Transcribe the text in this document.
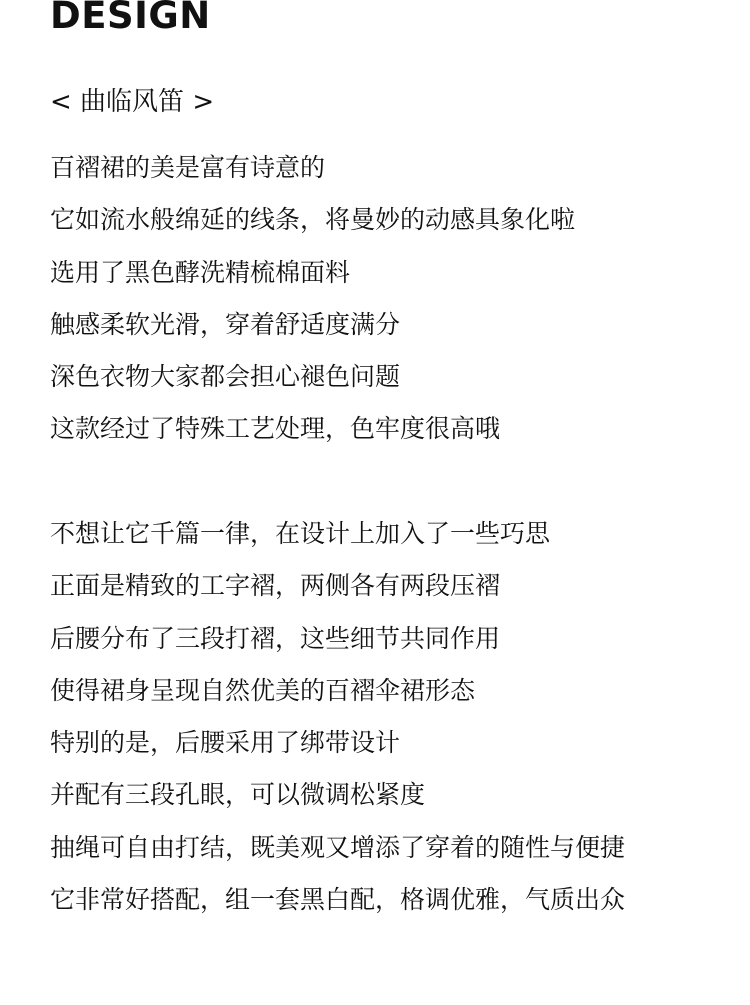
DESIGN

< 曲临风笛 >

百褶裙的美是富有诗意的
它如流水般绵延的线条，将曼妙的动感具象化啦
选用了黑色酵洗精梳棉面料
触感柔软光滑，穿着舒适度满分
深色衣物大家都会担心褪色问题
这款经过了特殊工艺处理，色牢度很高哦
不想让它千篇一律，在设计上加入了一些巧思
正面是精致的工字褶，两侧各有两段压褶
后腰分布了三段打褶，这些细节共同作用
使得裙身呈现自然优美的百褶伞裙形态
特别的是，后腰采用了绑带设计
并配有三段孔眼，可以微调松紧度
抽绳可自由打结，既美观又增添了穿着的随性与便捷
它非常好搭配，组一套黑白配，格调优雅，气质出众
